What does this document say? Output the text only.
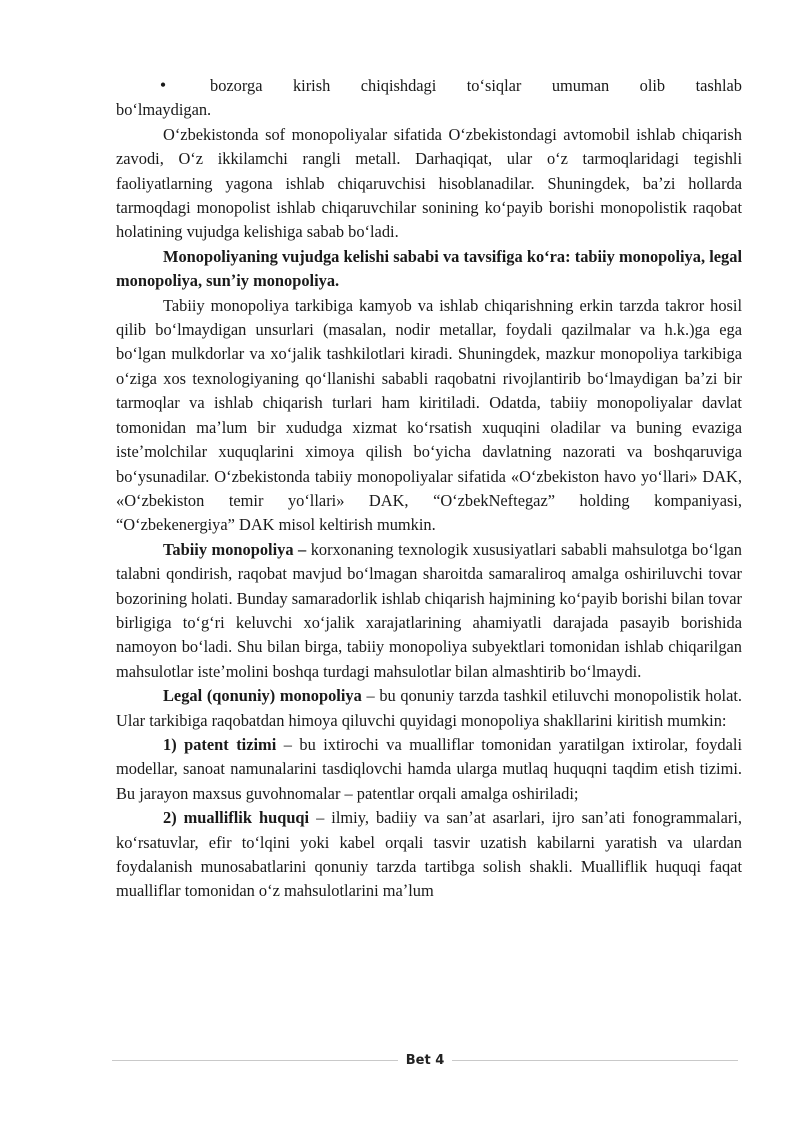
•	bozorga kirish chiqishdagi toʻsiqlar umuman olib tashlab

boʻlmaydigan.

Oʻzbekistonda sof monopoliyalar sifatida Oʻzbekistondagi avtomobil ishlab chiqarish zavodi, Oʻz ikkilamchi rangli metall. Darhaqiqat, ular oʻz tarmoqlaridagi tegishli faoliyatlarning yagona ishlab chiqaruvchisi hisoblanadilar. Shuningdek, baʼzi hollarda tarmoqdagi monopolist ishlab chiqaruvchilar sonining koʻpayib borishi monopolistik raqobat holatining vujudga kelishiga sabab boʻladi.

Monopoliyaning vujudga kelishi sababi va tavsifiga koʻra: tabiiy monopoliya, legal monopoliya, sunʼiy monopoliya.

Tabiiy monopoliya tarkibiga kamyob va ishlab chiqarishning erkin tarzda takror hosil qilib boʻlmaydigan unsurlari (masalan, nodir metallar, foydali qazilmalar va h.k.)ga ega boʻlgan mulkdorlar va xoʻjalik tashkilotlari kiradi. Shuningdek, mazkur monopoliya tarkibiga oʻziga xos texnologiyaning qoʻllanishi sababli raqobatni rivojlantirib boʻlmaydigan baʼzi bir tarmoqlar va ishlab chiqarish turlari ham kiritiladi. Odatda, tabiiy monopoliyalar davlat tomonidan maʼlum bir xududga xizmat koʻrsatish xuquqini oladilar va buning evaziga isteʼmolchilar xuquqlarini ximoya qilish boʻyicha davlatning nazorati va boshqaruviga boʻysunadilar. Oʻzbekistonda tabiiy monopoliyalar sifatida «Oʻzbekiston havo yoʻllari» DAK, «Oʻzbekiston temir yoʻllari» DAK, “OʻzbekNeftegaz” holding kompaniyasi, “Oʻzbekenergiya” DAK misol keltirish mumkin.

Tabiiy monopoliya – korxonaning texnologik xususiyatlari sababli mahsulotga boʻlgan talabni qondirish, raqobat mavjud boʻlmagan sharoitda samaraliroq amalga oshiriluvchi tovar bozorining holati. Bunday samaradorlik ishlab chiqarish hajmining koʻpayib borishi bilan tovar birligiga toʻgʻri keluvchi xoʻjalik xarajatlarining ahamiyatli darajada pasayib borishida namoyon boʻladi. Shu bilan birga, tabiiy monopoliya subyektlari tomonidan ishlab chiqarilgan mahsulotlar isteʼmolini boshqa turdagi mahsulotlar bilan almashtirib boʻlmaydi.

Legal (qonuniy) monopoliya – bu qonuniy tarzda tashkil etiluvchi monopolistik holat. Ular tarkibiga raqobatdan himoya qiluvchi quyidagi monopoliya shakllarini kiritish mumkin:

1) patent tizimi – bu ixtirochi va mualliflar tomonidan yaratilgan ixtirolar, foydali modellar, sanoat namunalarini tasdiqlovchi hamda ularga mutlaq huquqni taqdim etish tizimi. Bu jarayon maxsus guvohnomalar – patentlar orqali amalga oshiriladi;

2) mualliflik huquqi – ilmiy, badiiy va sanʼat asarlari, ijro sanʼati fonogrammalari, koʻrsatuvlar, efir toʻlqini yoki kabel orqali tasvir uzatish kabilarni yaratish va ulardan foydalanish munosabatlarini qonuniy tarzda tartibga solish shakli. Mualliflik huquqi faqat mualliflar tomonidan oʻz mahsulotlarini maʼlum

Bet 4
